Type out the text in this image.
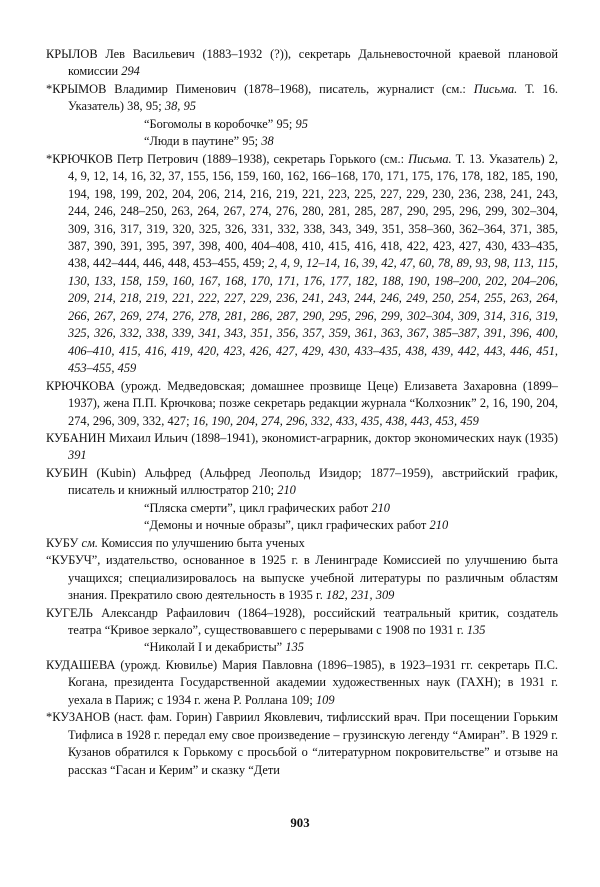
КРЫЛОВ Лев Васильевич (1883–1932 (?)), секретарь Дальневосточной краевой плановой комиссии 294

*КРЫМОВ Владимир Пименович (1878–1968), писатель, журналист (см.: Письма. Т. 16. Указатель) 38, 95; 38, 95

“Богомолы в коробочке” 95; 95

“Люди в паутине” 95; 38

*КРЮЧКОВ Петр Петрович (1889–1938), секретарь Горького (см.: Письма. Т. 13. Указатель) 2, 4, 9, 12, 14, 16, 32, 37, 155, 156, 159, 160, 162, 166–168, 170, 171, 175, 176, 178, 182, 185, 190, 194, 198, 199, 202, 204, 206, 214, 216, 219, 221, 223, 225, 227, 229, 230, 236, 238, 241, 243, 244, 246, 248–250, 263, 264, 267, 274, 276, 280, 281, 285, 287, 290, 295, 296, 299, 302–304, 309, 316, 317, 319, 320, 325, 326, 331, 332, 338, 343, 349, 351, 358–360, 362–364, 371, 385, 387, 390, 391, 395, 397, 398, 400, 404–408, 410, 415, 416, 418, 422, 423, 427, 430, 433–435, 438, 442–444, 446, 448, 453–455, 459; 2, 4, 9, 12–14, 16, 39, 42, 47, 60, 78, 89, 93, 98, 113, 115, 130, 133, 158, 159, 160, 167, 168, 170, 171, 176, 177, 182, 188, 190, 198–200, 202, 204–206, 209, 214, 218, 219, 221, 222, 227, 229, 236, 241, 243, 244, 246, 249, 250, 254, 255, 263, 264, 266, 267, 269, 274, 276, 278, 281, 286, 287, 290, 295, 296, 299, 302–304, 309, 314, 316, 319, 325, 326, 332, 338, 339, 341, 343, 351, 356, 357, 359, 361, 363, 367, 385–387, 391, 396, 400, 406–410, 415, 416, 419, 420, 423, 426, 427, 429, 430, 433–435, 438, 439, 442, 443, 446, 451, 453–455, 459

КРЮЧКОВА (урожд. Медведовская; домашнее прозвище Цеце) Елизавета Захаровна (1899–1937), жена П.П. Крючкова; позже секретарь редакции журнала “Колхозник” 2, 16, 190, 204, 274, 296, 309, 332, 427; 16, 190, 204, 274, 296, 332, 433, 435, 438, 443, 453, 459

КУБАНИН Михаил Ильич (1898–1941), экономист-аграрник, доктор экономических наук (1935) 391

КУБИН (Kubin) Альфред (Альфред Леопольд Изидор; 1877–1959), австрийский график, писатель и книжный иллюстратор 210; 210

“Пляска смерти”, цикл графических работ 210

“Демоны и ночные образы”, цикл графических работ 210

КУБУ см. Комиссия по улучшению быта ученых

“КУБУЧ”, издательство, основанное в 1925 г. в Ленинграде Комиссией по улучшению быта учащихся; специализировалось на выпуске учебной литературы по различным областям знания. Прекратило свою деятельность в 1935 г. 182, 231, 309

КУГЕЛЬ Александр Рафаилович (1864–1928), российский театральный критик, создатель театра “Кривое зеркало”, существовавшего с перерывами с 1908 по 1931 г. 135

“Николай I и декабристы” 135

КУДАШЕВА (урожд. Кювилье) Мария Павловна (1896–1985), в 1923–1931 гг. секретарь П.С. Когана, президента Государственной академии художественных наук (ГАХН); в 1931 г. уехала в Париж; с 1934 г. жена Р. Роллана 109; 109

*КУЗАНОВ (наст. фам. Горин) Гавриил Яковлевич, тифлисский врач. При посещении Горьким Тифлиса в 1928 г. передал ему свое произведение – грузинскую легенду “Амиран”. В 1929 г. Кузанов обратился к Горькому с просьбой о “литературном покровительстве” и отзыве на рассказ “Гасан и Керим” и сказку “Дети

903
